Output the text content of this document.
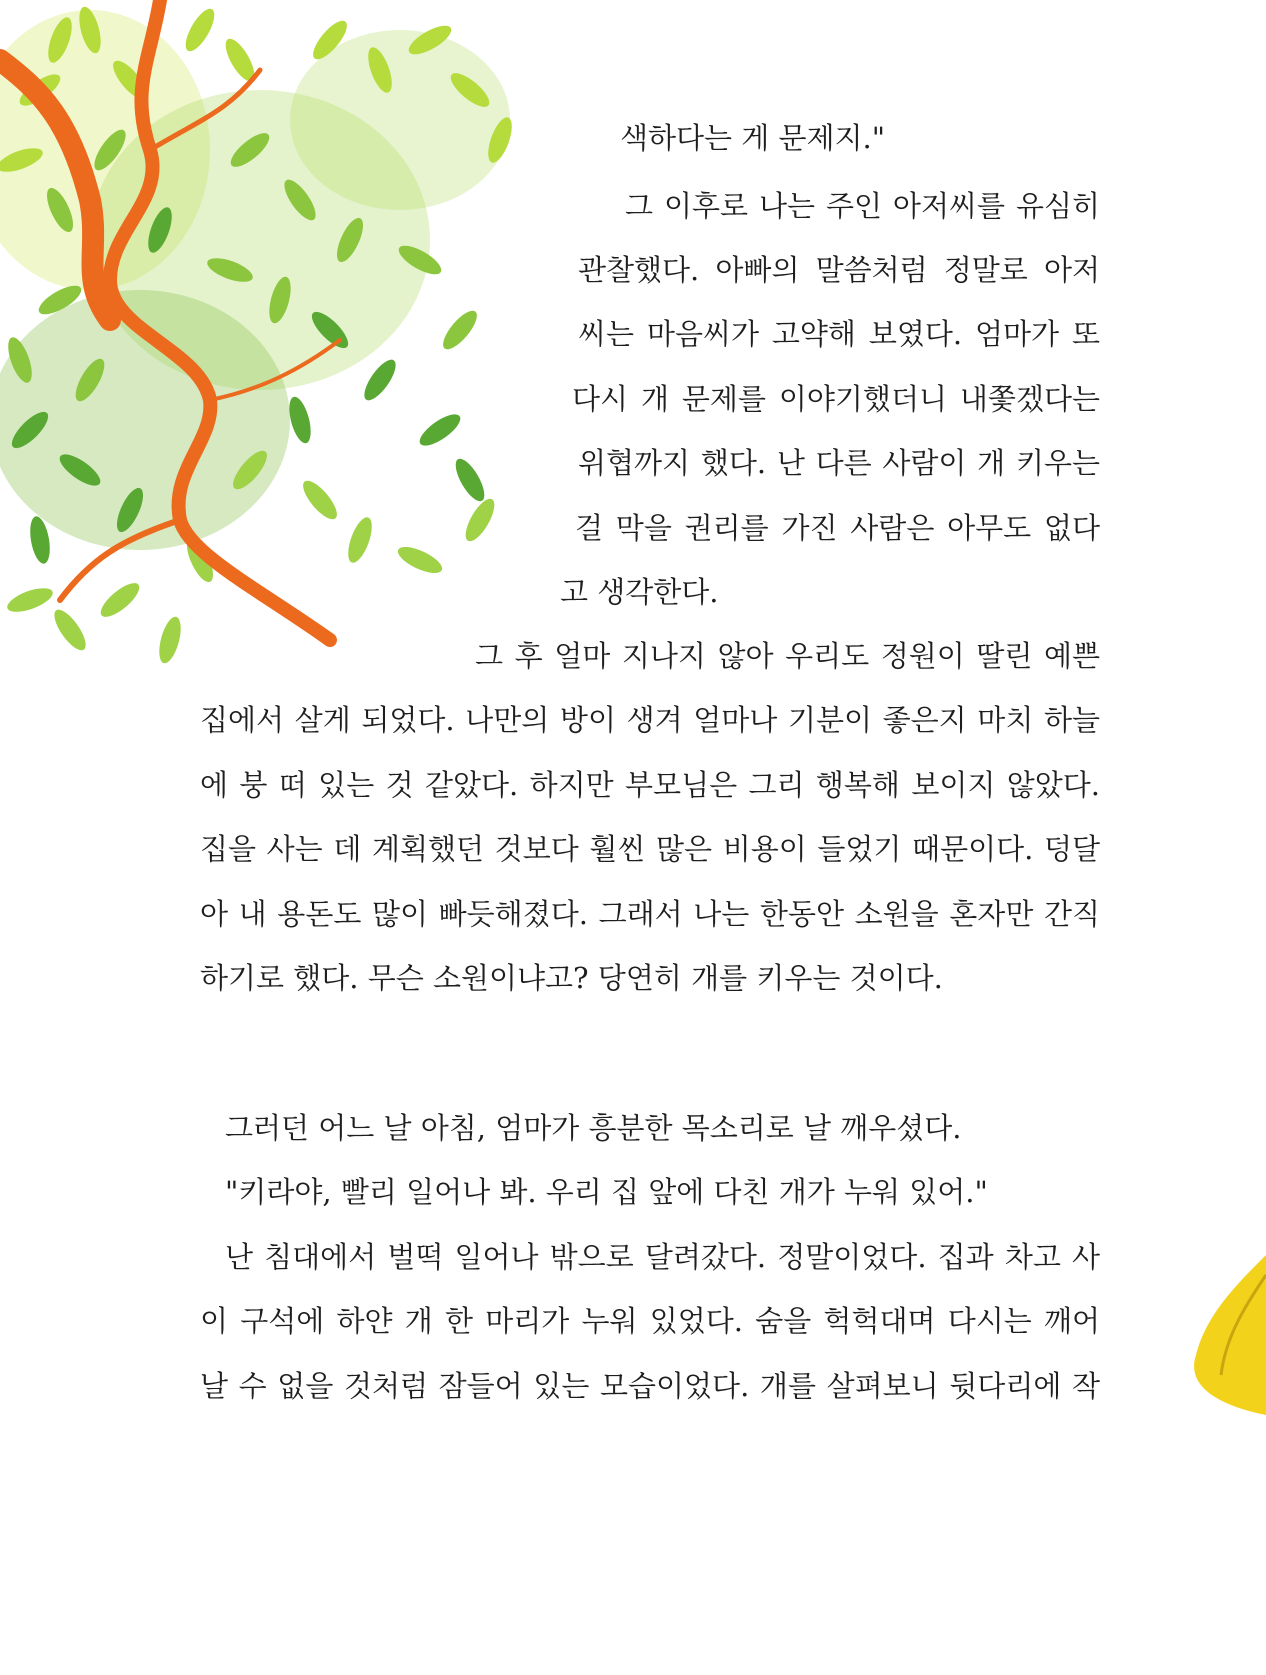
색하다는 게 문제지."

그 이후로 나는 주인 아저씨를 유심히

관찰했다. 아빠의 말씀처럼 정말로 아저

씨는 마음씨가 고약해 보였다. 엄마가 또

다시 개 문제를 이야기했더니 내쫓겠다는

위협까지 했다. 난 다른 사람이 개 키우는

걸 막을 권리를 가진 사람은 아무도 없다

고 생각한다.

그 후 얼마 지나지 않아 우리도 정원이 딸린 예쁜

집에서 살게 되었다. 나만의 방이 생겨 얼마나 기분이 좋은지 마치 하늘

에 붕 떠 있는 것 같았다. 하지만 부모님은 그리 행복해 보이지 않았다.

집을 사는 데 계획했던 것보다 훨씬 많은 비용이 들었기 때문이다. 덩달

아 내 용돈도 많이 빠듯해졌다. 그래서 나는 한동안 소원을 혼자만 간직

하기로 했다. 무슨 소원이냐고? 당연히 개를 키우는 것이다.

그러던 어느 날 아침, 엄마가 흥분한 목소리로 날 깨우셨다.

"키라야, 빨리 일어나 봐. 우리 집 앞에 다친 개가 누워 있어."

난 침대에서 벌떡 일어나 밖으로 달려갔다. 정말이었다. 집과 차고 사

이 구석에 하얀 개 한 마리가 누워 있었다. 숨을 헉헉대며 다시는 깨어

날 수 없을 것처럼 잠들어 있는 모습이었다. 개를 살펴보니 뒷다리에 작
